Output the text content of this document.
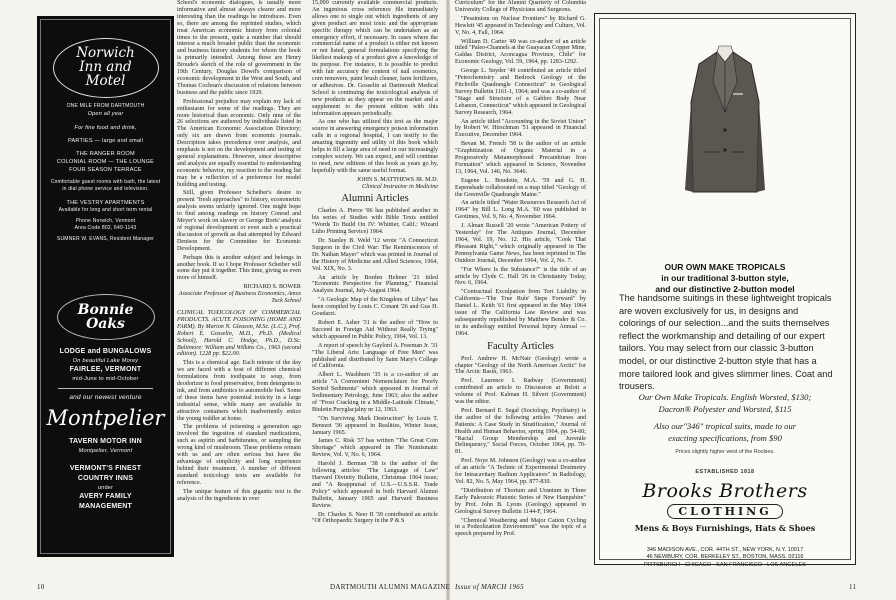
Norwich Inn and Motel
ONE MILE FROM DARTMOUTH
Open all year
For fine food and drink,
PARTIES — large and small
THE RANGER ROOM
COLONIAL ROOM — THE LOUNGE
FOUR SEASON TERRACE
Comfortable guest rooms with bath, the latest in dial phone service and television.
THE VESTRY APARTMENTS
Available for long and short term rental
Phone Norwich, Vermont
Area Code 802, 649-1143
SUMNER W. EVANS, Resident Manager
Bonnie Oaks
LODGE and BUNGALOWS
On beautiful Lake Morey
FAIRLEE, VERMONT
mid-June to mid-October
and our newest venture
Montpelier
TAVERN MOTOR INN
Montpelier, Vermont
VERMONT'S FINEST
COUNTRY INNS
under
AVERY FAMILY
MANAGEMENT

School's economic dialogues, is usually more informative and almost always clearer and more interesting than the readings he introduces. Even so, there are among the reprinted studies, which treat American economic history from colonial times to the present, quite a number that should interest a much broader public than the economic and business history students for whom the book is primarily intended. Among these are Henry Broude's sketch of the role of government in the 19th Century, Douglas Dowd's comparison of economic development in the West and South, and Thomas Cochran's discussion of relations between business and the public since 1929.

Professional prejudice may explain my lack of enthusiasm for some of the readings. They are more historical than economic. Only nine of the 26 selections are authored by individuals listed in The American Economic Association Directory; only six are drawn from economic journals. Description takes precedence over analysis, and emphasis is not on the development and testing of general explanations. However, since descriptive and analysis are equally essential to understanding economic behavior, my reaction to the reading list may be a reflection of a preference for model building and testing.

Still, given Professor Scheiber's desire to present "fresh approaches" to history, econometric analysis seems unfairly ignored. One might hope to find among readings on history Conrad and Meyer's work on slavery or George Borts' analysis of regional development or even such a practical discussion of growth as that attempted by Edward Denison for the Committee for Economic Development.

Perhaps this is another subject and belongs in another book. If so I hope Professor Scheiber will some day put it together. This time, giving us even more of himself.

RICHARD S. BOWER

Associate Professor of Business Economics, Amos Tuck School

CLINICAL TOXICOLOGY OF COMMERCIAL PRODUCTS. ACUTE POISONING (HOME AND FARM). By Marion N. Gleason, M.Sc. (L.C.), Prof. Robert E. Gosselin, M.D., Ph.D. (Medical School), Harold C. Hodge, Ph.D., D.Sc. Baltimore: William and Wilkins Co., 1963 (second edition). 1228 pp. $22.00.

This is a chemical age. Each minute of the day we are faced with a host of different chemical formulations from toothpaste to soup, from deodorizer to food preservative, from detergents to ink, and from antibiotics to automobile fuel. Some of these items have potential toxicity in a large industrial sense, while many are available in attractive containers which inadvertently entice the young toddler at home.

The problems of poisoning a generation ago involved the ingestion of standard medications, such as aspirin and barbiturates, or sampling the wrong kind of mushroom. These problems remain with us and are often serious but have the advantage of simplicity and long experience behind their treatment. A number of different standard toxicology texts are available for reference.

The unique feature of this gigantic text is the analysis of the ingredients in over

15,000 currently available commercial products. An ingenious cross reference file immediately allows one to single out which ingredients of any given product are most toxic and the appropriate specific therapy which can be undertaken as an emergency effort, if necessary. In cases where the commercial name of a product is either not known or not listed, general formulations specifying the likeliest makeup of a product give a knowledge of its purpose. For instance, it is possible to predict with fair accuracy the content of nail cosmetics, corn removers, paint brush cleaner, farm fertilizers, or adhesives. Dr. Gosselin at Dartmouth Medical School is continuing the toxicological analysis of new products as they appear on the market and a supplement to the present edition with this information appears periodically.

As one who has utilized this text as the major source in answering emergency poison information calls in a regional hospital, I can testify to the amazing ingenuity and utility of this book which helps to fill a large area of need in our increasingly complex society. We can expect, and will continue to need, new editions of this book as years go by, hopefully with the same useful format.

JOHN S. MATTHEWS JR. M.D.

Clinical Instructor in Medicine

Alumni Articles

Charles A. Pierce '06 has published another in his series of Studies with Bible Texts entitled "Words To Build On IV: Whittier, Calif.: Wizard Litho Printing Service) 1964.

Dr. Stanley B. Weld '12 wrote "A Connecticut Surgeon in the Civil War: The Reminiscences of Dr. Nathan Mayer" which was printed in Journal of the History of Medicine and Allied Sciences, 1964, Vol. XIX, No. 3.

An article by Borden Helmer '21 titled "Economic Perspective for Planning," Financial Analysts Journal, July-August 1964.

"A Geologic Map of the Kingdom of Libya" has been compiled by Louis C. Conant '26 and Gus H. Goudarzi.

Robert E. Asher '31 is the author of "How to Succeed in Foreign Aid Without Really Trying" which appeared in Public Policy, 1964, Vol. 13.

A report of speech by Gaylord A. Freeman Jr. '31 "The Liberal Arts: Language of Free Men" was published and distributed by Saint Mary's College of California.

Albert L. Washburn '35 is a co-author of an article "A Convenient Nomenclature for Poorly Sorted Sediments" which appeared in Journal of Sedimentary Petrology, June 1963; also the author of "Frost Cracking in a Middle-Latitude Climate," Biuletin Peryglacjalny nr 12, 1963.

"On Surviving Mark Destruction" by Louis T. Benezet '36 appeared in Realities, Winter Issue, January 1965.

James C. Risk '37 has written "The Great Coin Shortage" which appeared in The Numismatic Review, Vol. V, No. 6, 1964.

Harold J. Berman '38 is the author of the following articles: "The Language of Law" Harvard Divinity Bulletin, Christmas 1964 issue; and "A Reappraisal of U.S.—U.S.S.R. Trade Policy" which appeared in both Harvard Alumni Bulletin, January 1965 and Harvard Business Review.

Dr. Charles S. Neer II '39 contributed an article "Of Orthopaedic Surgery in the P & S

Curriculum" for the Alumni Quarterly of Columbia University College of Physicians and Surgeons.

"Pessimism on Nuclear Frontiers" by Richard G. Hewlett '45 appeared in Technology and Culture, Vol. V, No. 4, Fall, 1964.

William D. Carter '49 was co-author of an article titled "Paleo-Channels at the Guayacan Copper Mine, Galdas District, Aconcagua Province, Chile" for Economic Geology, Vol. 59, 1964, pp. 1283-1292.

George L. Snyder '49 contributed an article titled "Petrochemistry and Bedrock Geology of the Fitchville Quadrangle Connecticut" to Geological Survey Bulletin 1161-1, 1964; and was a co-author of "Stage and Structure of a Gabbro Body Near Lebanon, Connecticut" which appeared in Geological Survey Research, 1964.

An article titled "Accounting in the Soviet Union" by Robert W. Hirschman '51 appeared in Financial Executive, December 1964.

Bevan M. French '58 is the author of an article "Graphitization of Organic Material in a Progressively Metamorphosed Precambrian Iron Formation" which appeared in Science, November 13, 1964, Vol. 146, No. 3646.

Eugene L. Boudette, M.A. '59 and G. H. Espenshade collaborated on a map titled "Geology of the Greenville Quadrangle Maine."

An article titled "Water Resources Research Act of 1964" by Bill L. Long M.A. '60 was published in Geotimes, Vol. 9, No. 4, November 1964.

J. Alman Russell '20 wrote "American Pottery of Yesterday" for The Antiques Journal, December 1964, Vol. 19, No. 12. His article, "Cook That Pheasant Right," which originally appeared in The Pennsylvania Game News, has been reprinted in The Outdoor Journal, December 1964, Vol. 2, No. 7.

"For Where Is the Substance?" is the title of an article by Clyde C. Hall '26 in Christianity Today, Nov. 6, 1964.

"Contractual Exculpation from Tort Liability in California—'The True Rule' Steps Forward" by Daniel L. Keith '61 first appeared in the May 1964 issue of The California Law Review and was subsequently republished by Matthew Bender & Co. in its anthology entitled Personal Injury Annual — 1964.

Faculty Articles

Prof. Andrew H. McNair (Geology) wrote a chapter "Geology of the North American Arctic" for The Arctic Basin, 1963.

Prof. Laurence I. Radway (Government) contributed an article to Discussion at Beloit a volume of Prof. Kalman H. Silvert (Government) was the editor.

Prof. Bernard E. Segal (Sociology, Psychiatry) is the author of the following articles "Nurses and Patients: A Case Study in Stratification," Journal of Health and Human Behavior, spring 1964, pp. 54-60; "Racial Group Membership and Juvenile Delinquency," Social Forces, October 1964, pp. 70-81.

Prof. Noye M. Johnson (Geology) was a co-author of an article "A Technic of Experimental Dosimetry for Intracavitary Radium Applicators" in Radiology, Vol. 82, No. 5, May 1964, pp. 877-830.

"Distribution of Thorium and Uranium in Three Early Paleozoic Plutonic Series of New Hampshire" by Prof. John B. Lyons (Geology) appeared in Geological Survey Bulletin 1144-F, 1964.

"Chemical Weathering and Major Cation Cycling in a Podzolization Environment" was the topic of a speech prepared by Prof.

OUR OWN MAKE TROPICALS
in our traditional 3-button style,
and our distinctive 2-button model
The handsome suitings in these lightweight tropicals are woven exclusively for us, in designs and colorings of our selection...and the suits themselves reflect the workmanship and detailing of our expert tailors. You may select from our classic 3-button model, or our distinctive 2-button style that has a more tailored look and gives slimmer lines. Coat and trousers.
Our Own Make Tropicals. English Worsted, $130;
Dacron® Polyester and Worsted, $115
Also our"346" tropical suits, made to our
exacting specifications, from $90
Prices slightly higher west of the Rockies.
ESTABLISHED 1818
Brooks Brothers
CLOTHING
Mens & Boys Furnishings, Hats & Shoes
346 MADISON AVE., COR. 44TH ST., NEW YORK, N.Y. 10017
46 NEWBURY, COR. BERKELEY ST., BOSTON, MASS. 02116
PITTSBURGH · CHICAGO · SAN FRANCISCO · LOS ANGELES
10	DARTMOUTH ALUMNI MAGAZINE Issue of MARCH 1965	11
